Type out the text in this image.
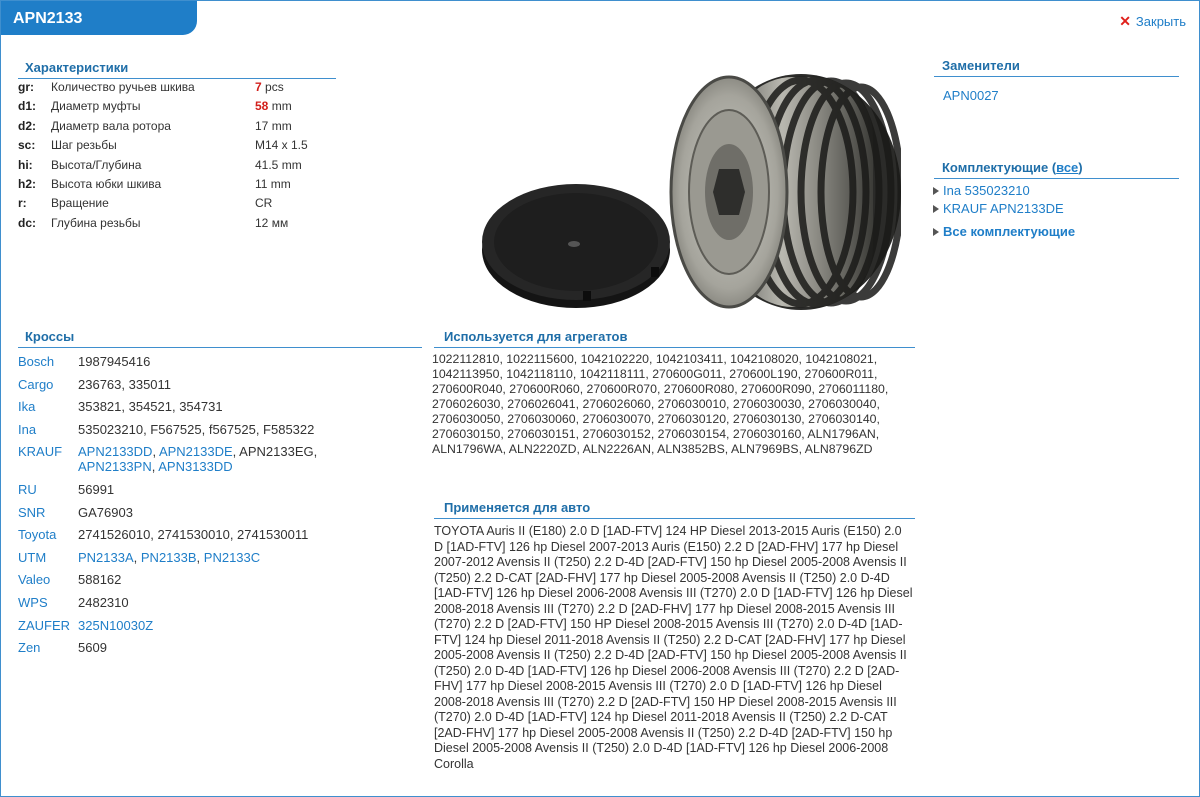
APN2133	✕ Закрыть
Характеристики
gr: Количество ручьев шкива	7 pcs
d1: Диаметр муфты	58 mm
d2: Диаметр вала ротора	17 mm
sc: Шаг резьбы	M14 x 1.5
hi: Высота/Глубина	41.5 mm
h2: Высота юбки шкива	11 mm
r: Вращение	CR
dc: Глубина резьбы	12 мм
Заменители
APN0027
Комплектующие (все)
Ina 535023210
KRAUF APN2133DE
Все комплектующие
Кроссы
Bosch 1987945416
Cargo 236763, 335011
Ika	353821, 354521, 354731
Ina	535023210, F567525, f567525, F585322
KRAUF APN2133DD, APN2133DE, APN2133EG, APN2133PN, APN3133DD
RU	56991
SNR	GA76903
Toyota 2741526010, 2741530010, 2741530011
UTM PN2133A, PN2133B, PN2133C
Valeo 588162
WPS 2482310
ZAUFER 325N10030Z
Zen	5609
Используется для агрегатов
1022112810, 1022115600, 1042102220, 1042103411, 1042108020, 1042108021, 1042113950, 1042118110, 1042118111, 270600G011, 270600L190, 270600R011, 270600R040, 270600R060, 270600R070, 270600R080, 270600R090, 2706011180, 2706026030, 2706026041, 2706026060, 2706030010, 2706030030, 2706030040, 2706030050, 2706030060, 2706030070, 2706030120, 2706030130, 2706030140, 2706030150, 2706030151, 2706030152, 2706030154, 2706030160, ALN1796AN, ALN1796WA, ALN2220ZD, ALN2226AN, ALN3852BS, ALN7969BS, ALN8796ZD
Применяется для авто
TOYOTA Auris II (E180) 2.0 D [1AD-FTV] 124 HP Diesel 2013-2015 Auris (E150) 2.0 D [1AD-FTV] 126 hp Diesel 2007-2013 Auris (E150) 2.2 D [2AD-FHV] 177 hp Diesel 2007-2012 Avensis II (T250) 2.2 D-4D [2AD-FTV] 150 hp Diesel 2005-2008 Avensis II (T250) 2.2 D-CAT [2AD-FHV] 177 hp Diesel 2005-2008 Avensis II (T250) 2.0 D-4D [1AD-FTV] 126 hp Diesel 2006-2008 Avensis III (T270) 2.0 D [1AD-FTV] 126 hp Diesel 2008-2018 Avensis III (T270) 2.2 D [2AD-FHV] 177 hp Diesel 2008-2015 Avensis III (T270) 2.2 D [2AD-FTV] 150 HP Diesel 2008-2015 Avensis III (T270) 2.0 D-4D [1AD-FTV] 124 hp Diesel 2011-2018 Avensis II (T250) 2.2 D-CAT [2AD-FHV] 177 hp Diesel 2005-2008 Avensis II (T250) 2.2 D-4D [2AD-FTV] 150 hp Diesel 2005-2008 Avensis II (T250) 2.0 D-4D [1AD-FTV] 126 hp Diesel 2006-2008 Avensis III (T270) 2.2 D [2AD-FHV] 177 hp Diesel 2008-2015 Avensis III (T270) 2.0 D [1AD-FTV] 126 hp Diesel 2008-2018 Avensis III (T270) 2.2 D [2AD-FTV] 150 HP Diesel 2008-2015 Avensis III (T270) 2.0 D-4D [1AD-FTV] 124 hp Diesel 2011-2018 Avensis II (T250) 2.2 D-CAT [2AD-FHV] 177 hp Diesel 2005-2008 Avensis II (T250) 2.2 D-4D [2AD-FTV] 150 hp Diesel 2005-2008 Avensis II (T250) 2.0 D-4D [1AD-FTV] 126 hp Diesel 2006-2008 Corolla
